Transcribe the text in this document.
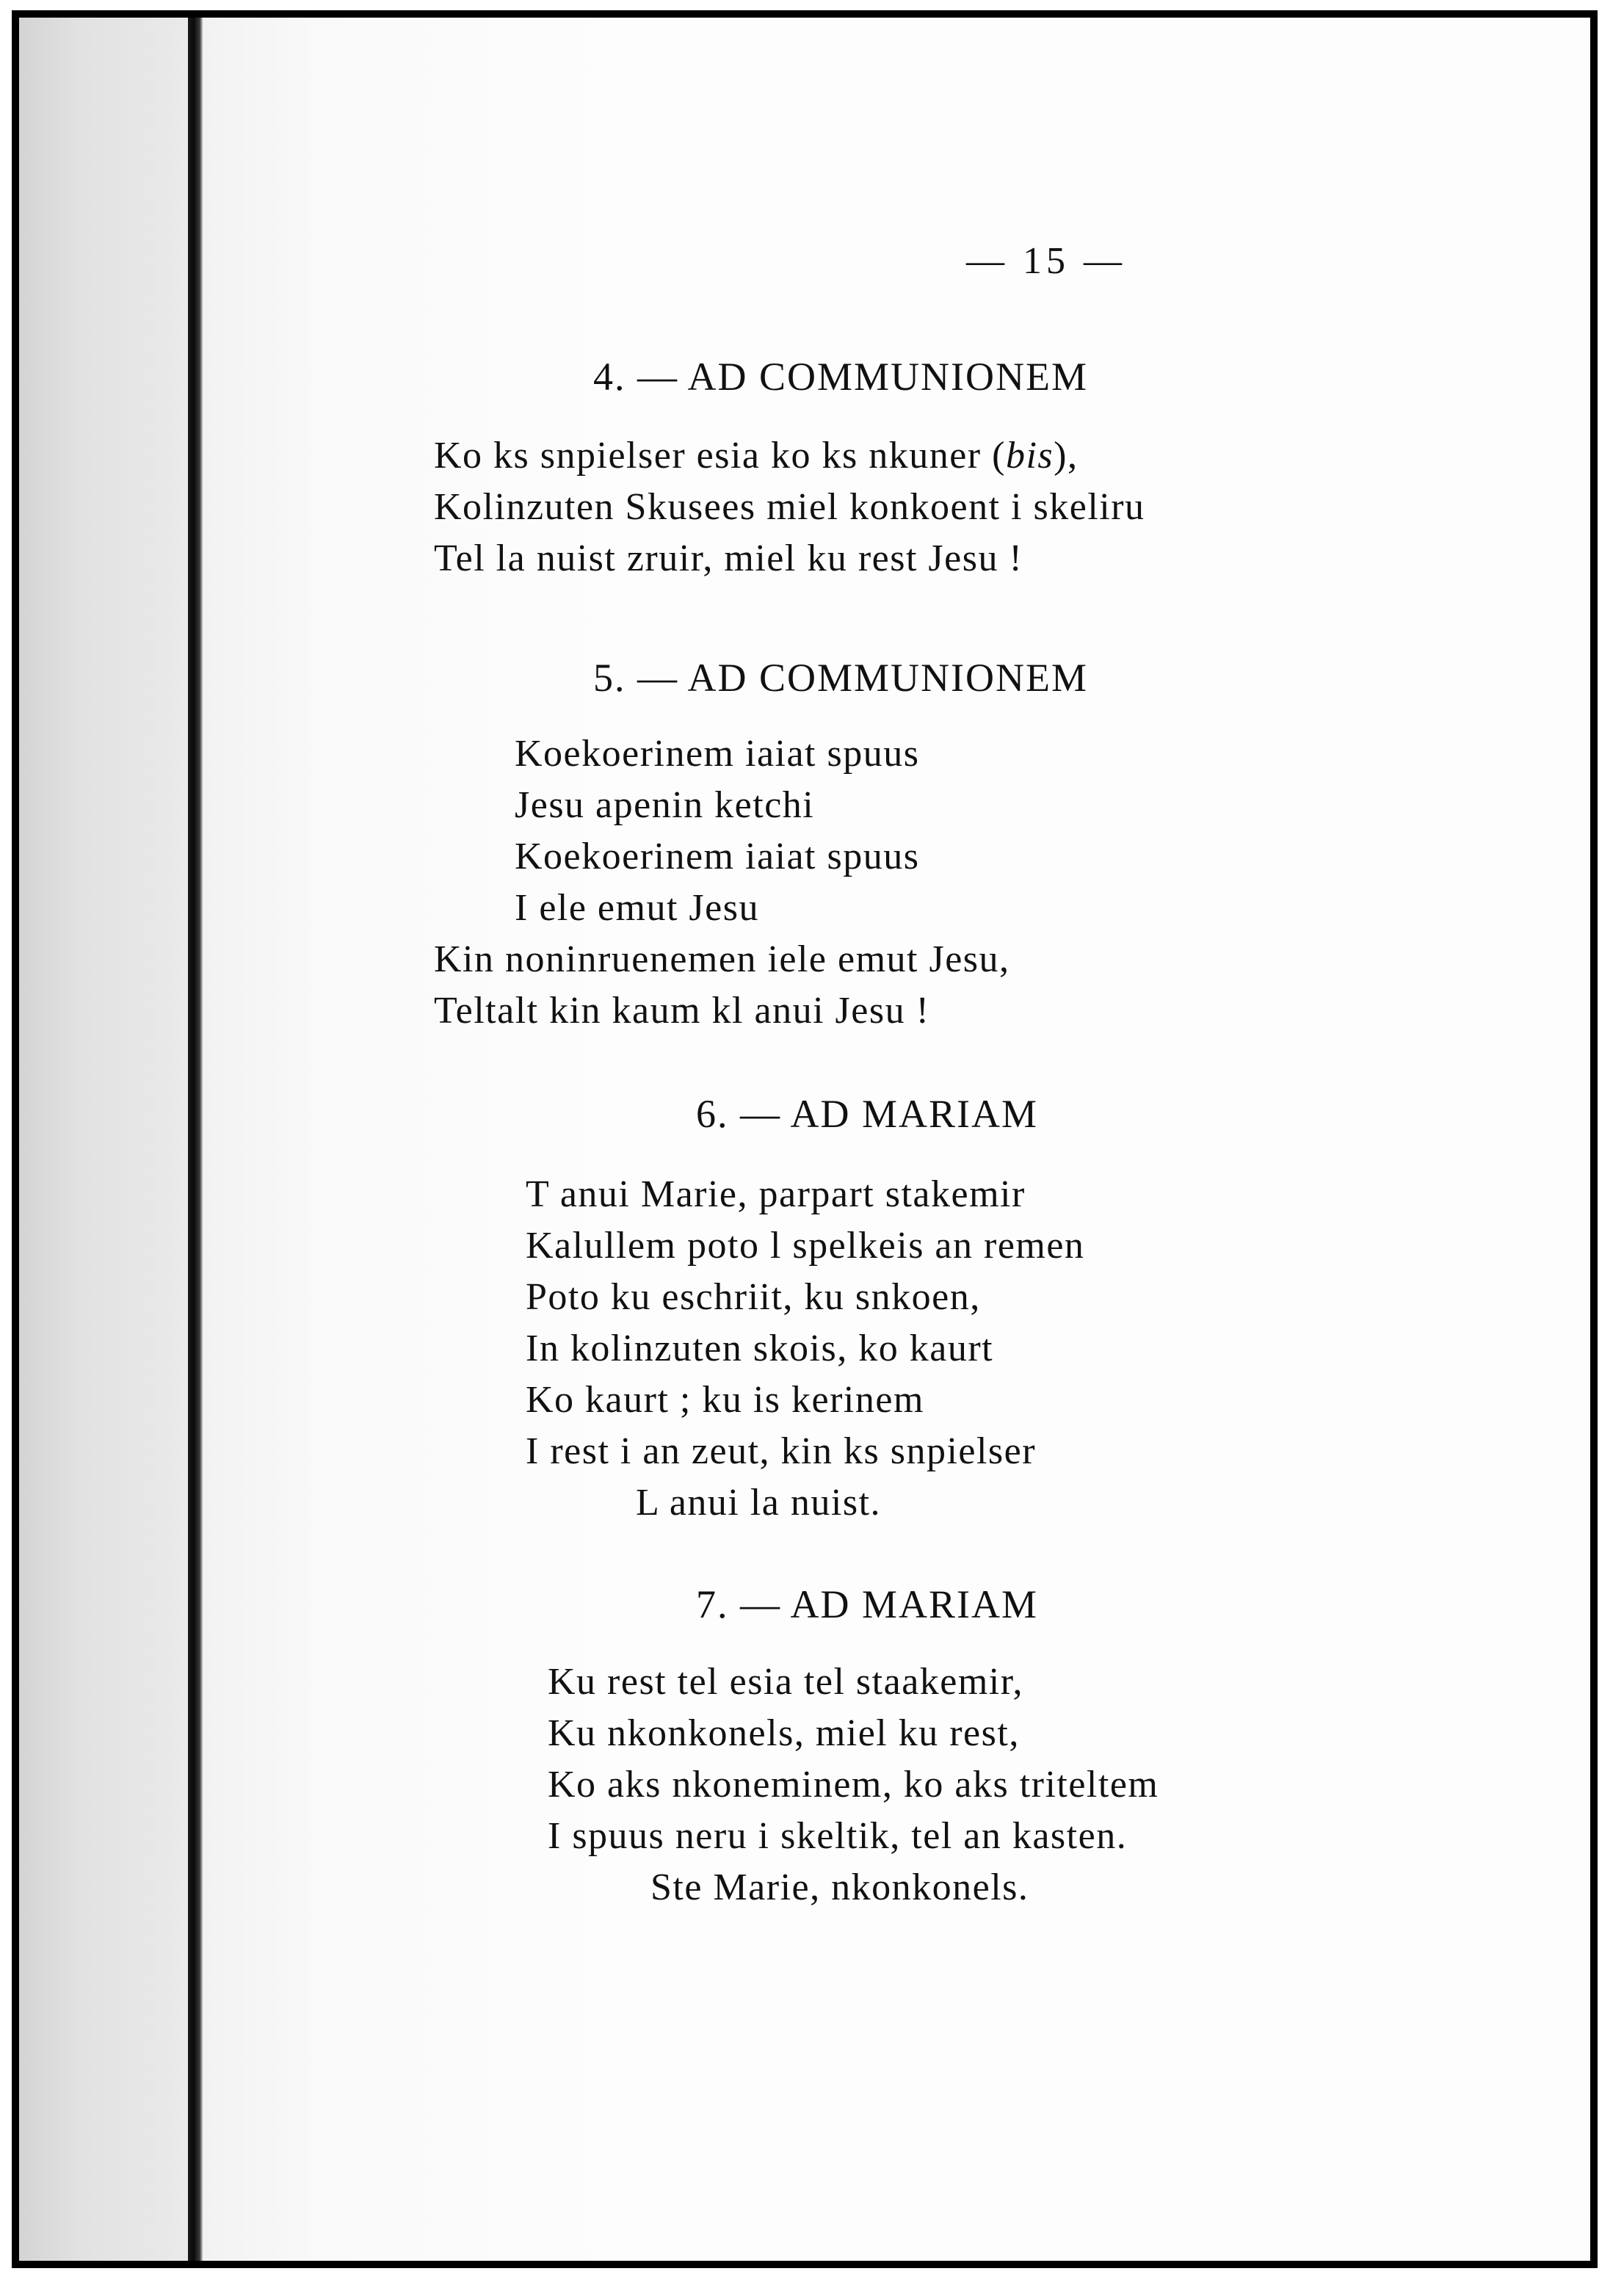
— 15 —
4. — AD COMMUNIONEM
Ko ks snpielser esia ko ks nkuner (bis),
Kolinzuten Skusees miel konkoent i skeliru
Tel la nuist zruir, miel ku rest Jesu !
5. — AD COMMUNIONEM
Koekoerinem iaiat spuus
Jesu apenin ketchi
Koekoerinem iaiat spuus
I ele emut Jesu
Kin noninruenemen iele emut Jesu,
Teltalt kin kaum kl anui Jesu !
6. — AD MARIAM
T anui Marie, parpart stakemir
Kalullem poto l spelkeis an remen
Poto ku eschriit, ku snkoen,
In kolinzuten skois, ko kaurt
Ko kaurt ; ku is kerinem
I rest i an zeut, kin ks snpielser
L anui la nuist.
7. — AD MARIAM
Ku rest tel esia tel staakemir,
Ku nkonkonels, miel ku rest,
Ko aks nkoneminem, ko aks triteltem
I spuus neru i skeltik, tel an kasten.
Ste Marie, nkonkonels.
